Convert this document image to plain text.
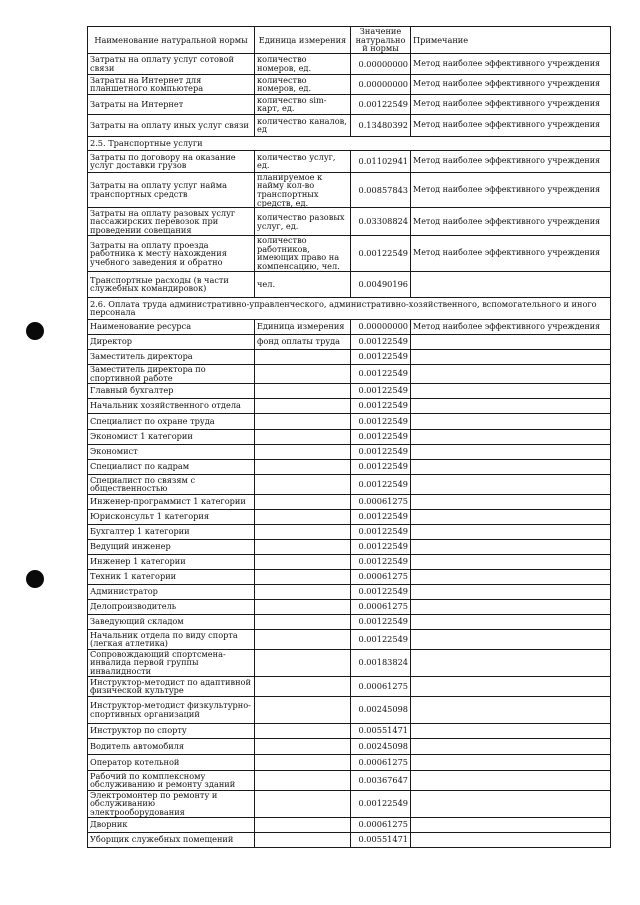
Наименование натуральной нормы	Единица измерения	Значение натуральной нормы	Примечание
Затраты на оплату услуг сотовой связи	количество номеров, ед.	0.00000000	Метод наиболее эффективного учреждения
Затраты на Интернет для планшетного компьютера	количество номеров, ед.	0.00000000	Метод наиболее эффективного учреждения
Затраты на Интернет	количество sim-карт, ед.	0.00122549	Метод наиболее эффективного учреждения
Затраты на оплату иных услуг связи	количество каналов, ед	0.13480392	Метод наиболее эффективного учреждения
2.5. Транспортные услуги			
Затраты по договору на оказание услуг доставки грузов	количество услуг, ед.	0.01102941	Метод наиболее эффективного учреждения
Затраты на оплату услуг найма транспортных средств	планируемое к найму кол-во транспортных средств, ед.	0.00857843	Метод наиболее эффективного учреждения
Затраты на оплату разовых услуг пассажирских перевозок при проведении совещания	количество разовых услуг, ед.	0.03308824	Метод наиболее эффективного учреждения
Затраты на оплату проезда работника к месту нахождения учебного заведения и обратно	количество работников, имеющих право на компенсацию, чел.	0.00122549	Метод наиболее эффективного учреждения
Транспортные расходы (в части служебных командировок)	чел.	0.00490196	
2.6. Оплата труда административно-управленческого, административно-хозяйственного, вспомогательного и иного персонала			
Наименование ресурса	Единица измерения	0.00000000	Метод наиболее эффективного учреждения
Директор	фонд оплаты труда	0.00122549	
Заместитель директора		0.00122549	
Заместитель директора по спортивной работе		0.00122549	
Главный бухгалтер		0.00122549	
Начальник хозяйственного отдела		0.00122549	
Специалист по охране труда		0.00122549	
Экономист 1 категории		0.00122549	
Экономист		0.00122549	
Специалист по кадрам		0.00122549	
Специалист по связям с общественностью		0.00122549	
Инженер-программист 1 категории		0.00061275	
Юрисконсульт 1 категория		0.00122549	
Бухгалтер 1 категории		0.00122549	
Ведущий инженер		0.00122549	
Инженер 1 категории		0.00122549	
Техник 1 категории		0.00061275	
Администратор		0.00122549	
Делопроизводитель		0.00061275	
Заведующий складом		0.00122549	
Начальник отдела по виду спорта (легкая атлетика)		0.00122549	
Сопровождающий спортсмена-инвалида первой группы инвалидности		0.00183824	
Инструктор-методист по адаптивной физической культуре		0.00061275	
Инструктор-методист физкультурно-спортивных организаций		0.00245098	
Инструктор по спорту		0.00551471	
Водитель автомобиля		0.00245098	
Оператор котельной		0.00061275	
Рабочий по комплексному обслуживанию и ремонту зданий		0.00367647	
Электромонтер по ремонту и обслуживанию электрооборудования		0.00122549	
Дворник		0.00061275	
Уборщик служебных помещений		0.00551471	
